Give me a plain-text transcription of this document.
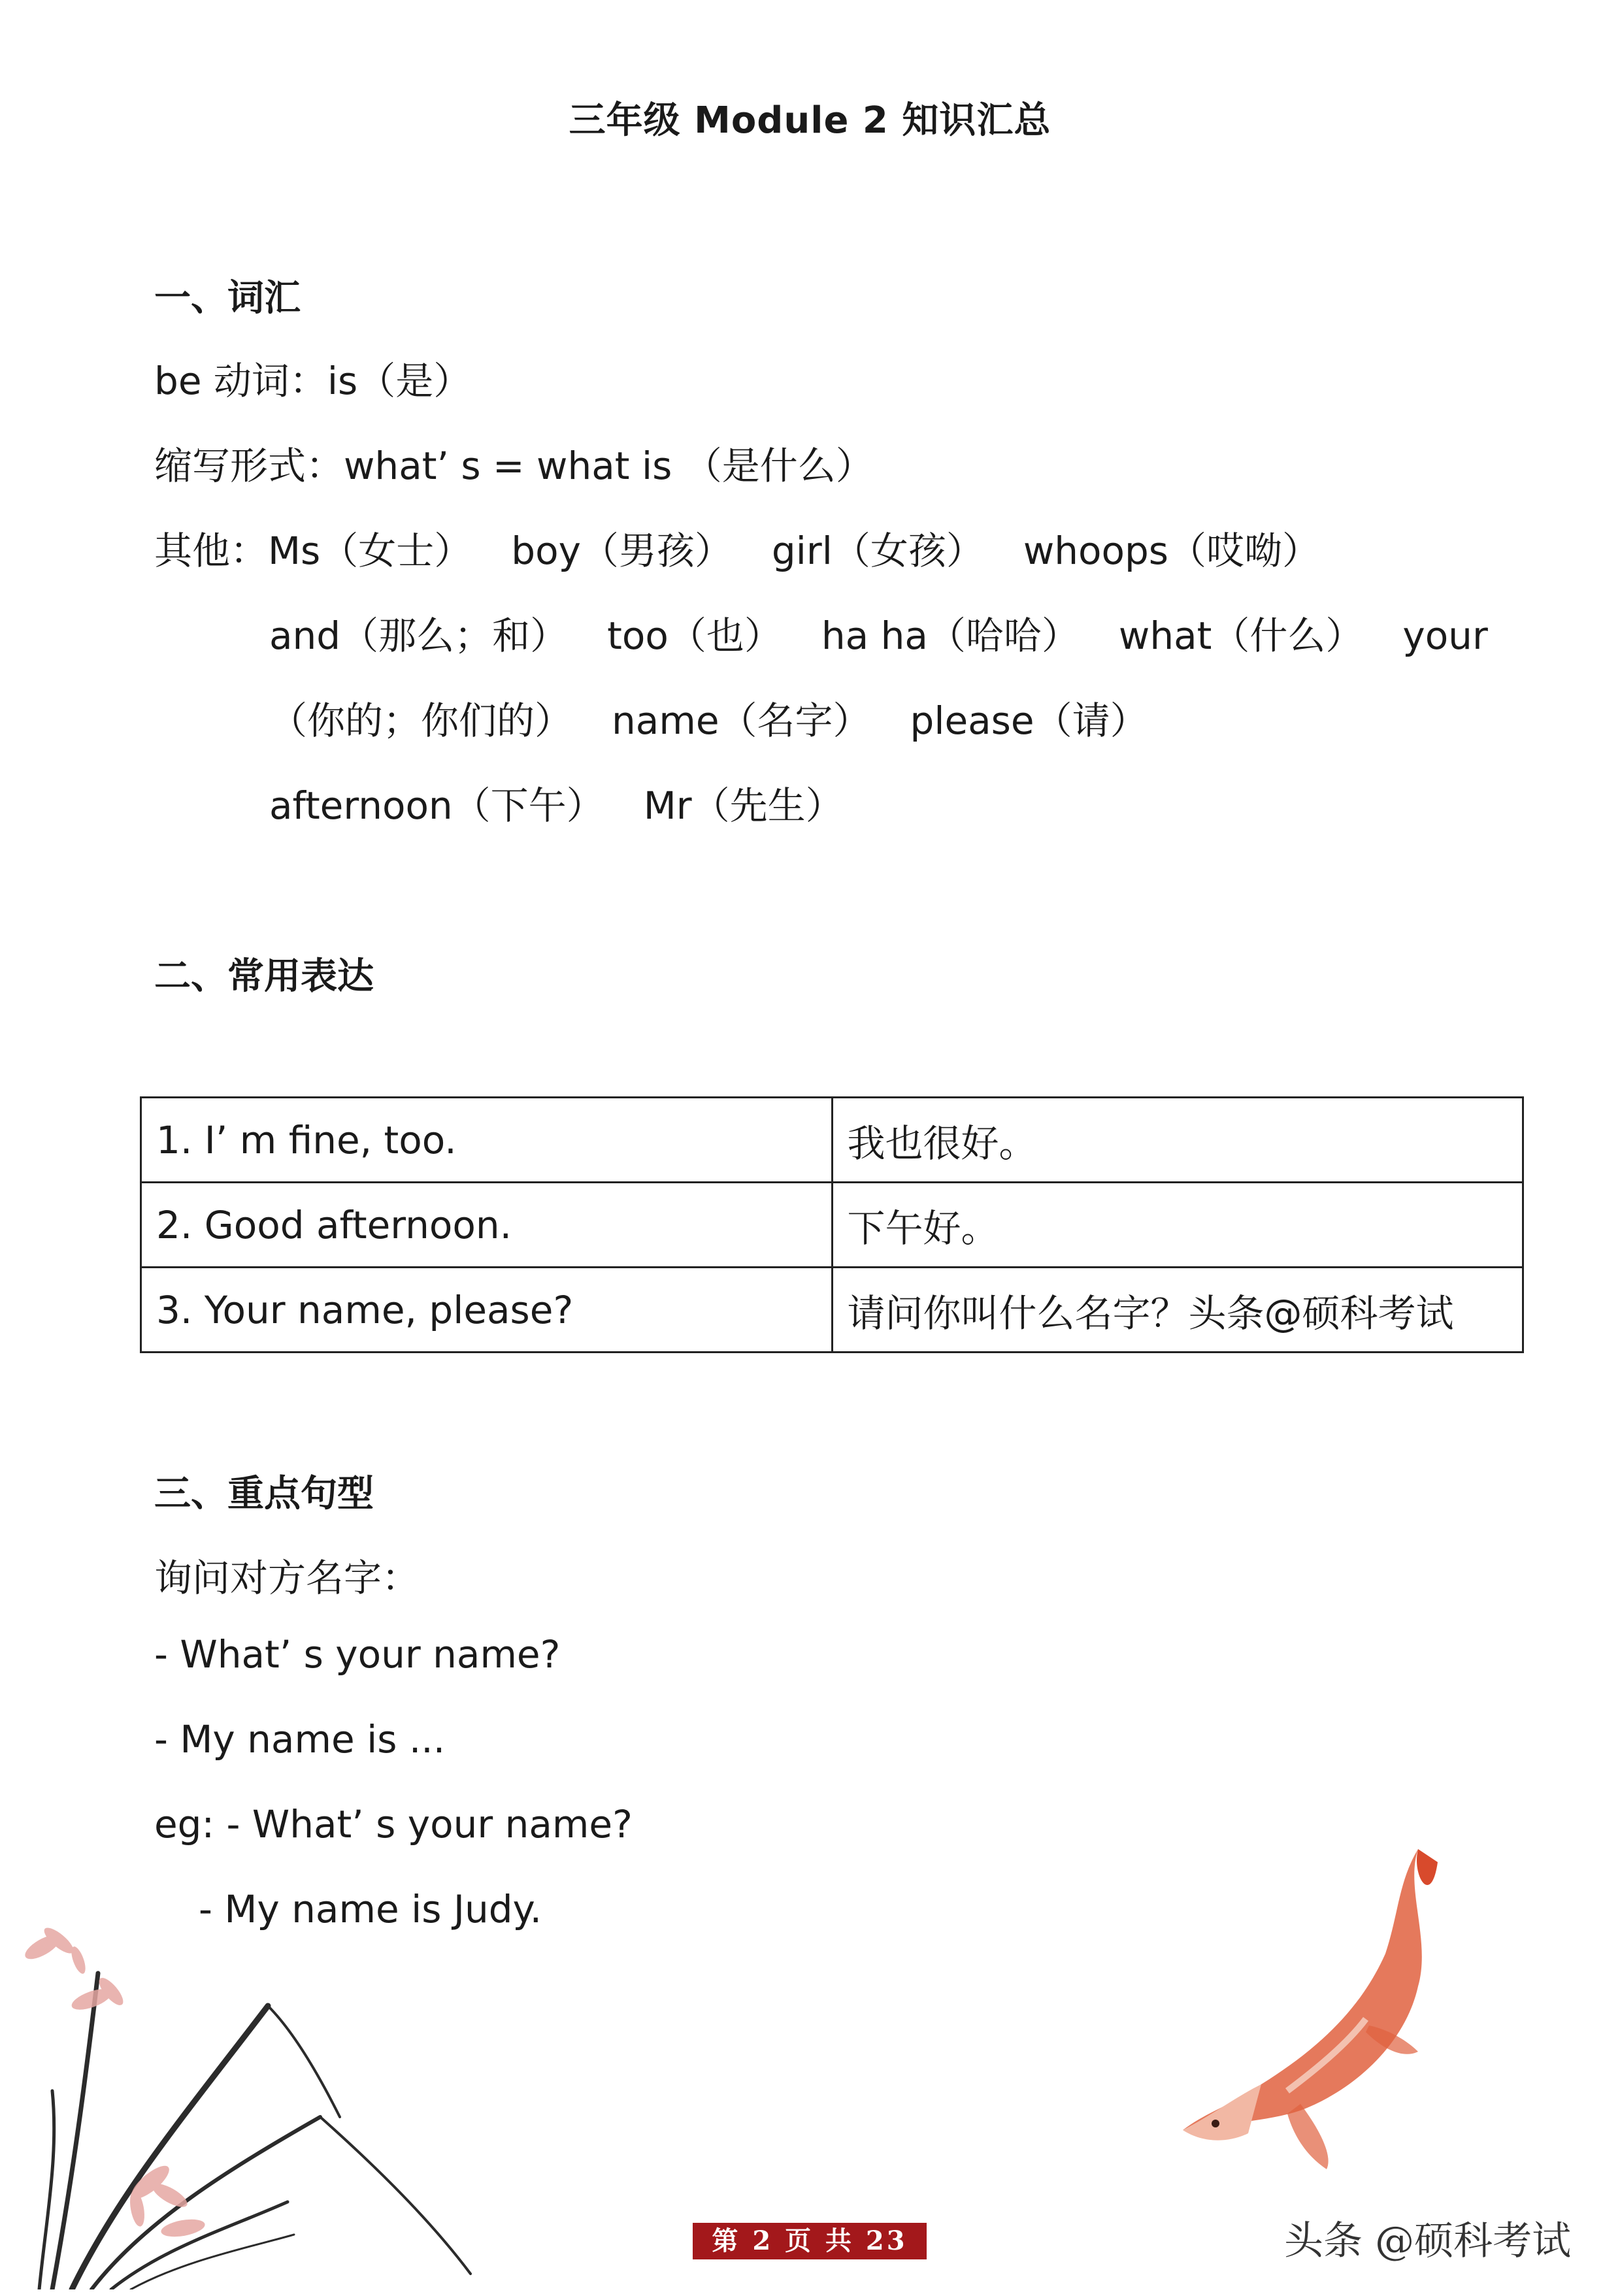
三年级 Module 2 知识汇总
一、词汇
be 动词：is（是）
缩写形式：what’ s = what is （是什么）
其他：Ms（女士） boy（男孩） girl（女孩） whoops（哎呦）
and（那么；和） too（也） ha ha（哈哈） what（什么） your
（你的；你们的） name（名字） please（请）
afternoon（下午） Mr（先生）
二、常用表达
1. I’ m fine, too.	我也很好。
2. Good afternoon.	下午好。
3. Your name, please?	请问你叫什么名字？头条@硕科考试
三、重点句型
询问对方名字：
- What’ s your name?
- My name is ...
eg: - What’ s your name?
- My name is Judy.
第 2 页 共 23 页
头条 @硕科考试
